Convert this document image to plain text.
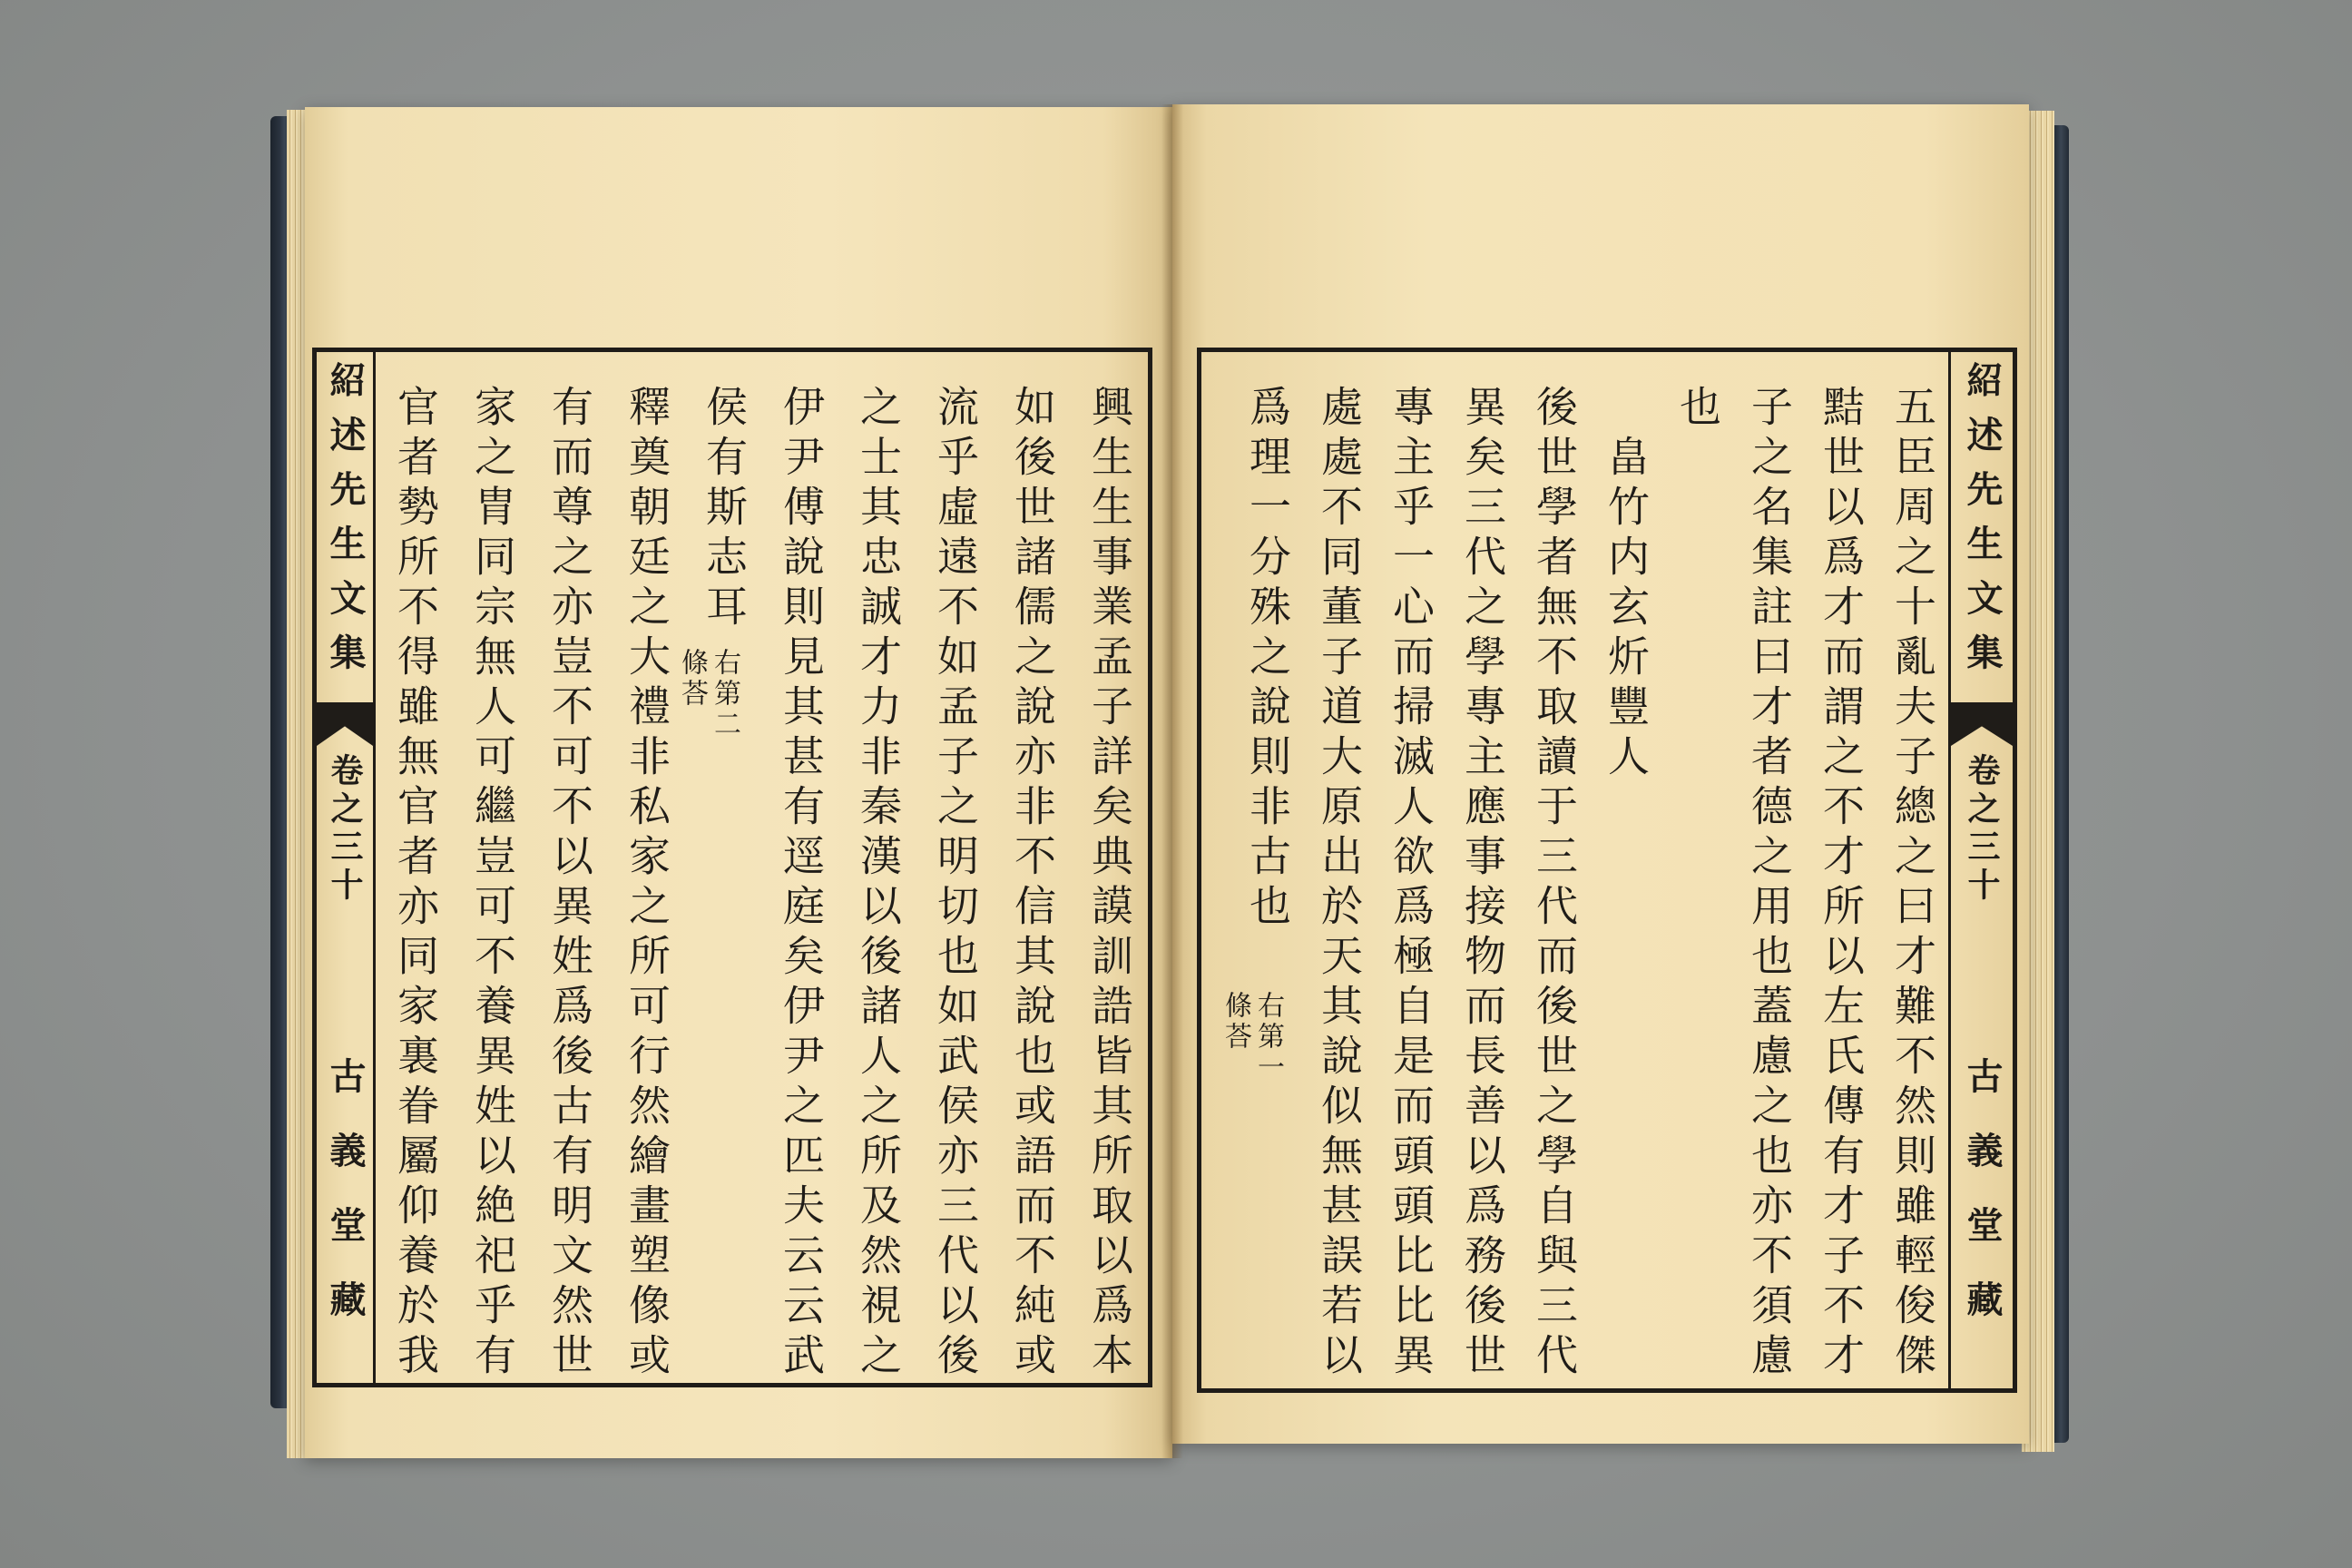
紹述先生文集
卷之三十
古義堂藏
五臣周之十亂夫子總之曰才難不然則雖輕俊傑
黠世以爲才而謂之不才所以左氏傳有才子不才
子之名集註曰才者德之用也蓋慮之也亦不須慮
也
畠竹内玄炘豐人
後世學者無不取讀于三代而後世之學自與三代
異矣三代之學專主應事接物而長善以爲務後世
專主乎一心而掃滅人欲爲極自是而頭頭比比異
處處不同董子道大原出於天其說似無甚誤若以
爲理一分殊之說則非古也
右第一
條荅
紹述先生文集
卷之三十
古義堂藏	興生生事業孟子詳矣典謨訓誥皆其所取以爲本
如後世諸儒之說亦非不信其說也或語而不純或
流乎虛遠不如孟子之明切也如武侯亦三代以後
之士其忠誠才力非秦漢以後諸人之所及然視之
伊尹傅說則見其甚有逕庭矣伊尹之匹夫云云武
侯有斯志耳
右第二
條荅
釋奠朝廷之大禮非私家之所可行然繪畫塑像或
有而尊之亦豈不可不以異姓爲後古有明文然世
家之胄同宗無人可繼豈可不養異姓以絶祀乎有
官者勢所不得雖無官者亦同家裏眷屬仰養於我
